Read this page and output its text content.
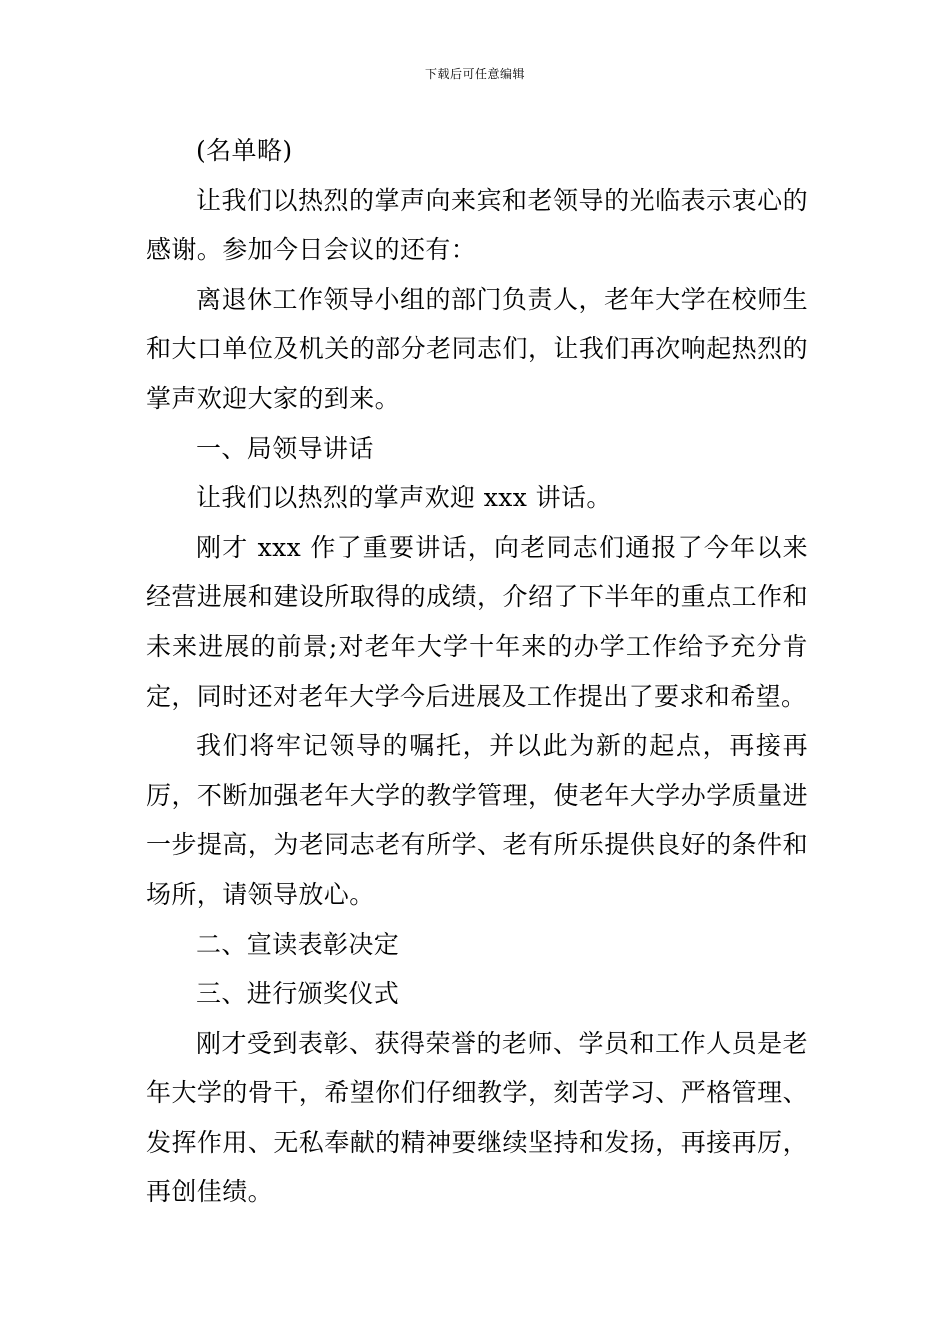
下载后可任意编辑

(名单略)

让我们以热烈的掌声向来宾和老领导的光临表示衷心的感谢。参加今日会议的还有：

离退休工作领导小组的部门负责人，老年大学在校师生和大口单位及机关的部分老同志们，让我们再次响起热烈的掌声欢迎大家的到来。

一、局领导讲话

让我们以热烈的掌声欢迎 xxx 讲话。

刚才 xxx 作了重要讲话，向老同志们通报了今年以来经营进展和建设所取得的成绩，介绍了下半年的重点工作和未来进展的前景;对老年大学十年来的办学工作给予充分肯定，同时还对老年大学今后进展及工作提出了要求和希望。

我们将牢记领导的嘱托，并以此为新的起点，再接再厉，不断加强老年大学的教学管理，使老年大学办学质量进一步提高，为老同志老有所学、老有所乐提供良好的条件和场所，请领导放心。

二、宣读表彰决定

三、进行颁奖仪式

刚才受到表彰、获得荣誉的老师、学员和工作人员是老年大学的骨干，希望你们仔细教学，刻苦学习、严格管理、发挥作用、无私奉献的精神要继续坚持和发扬，再接再厉，再创佳绩。
